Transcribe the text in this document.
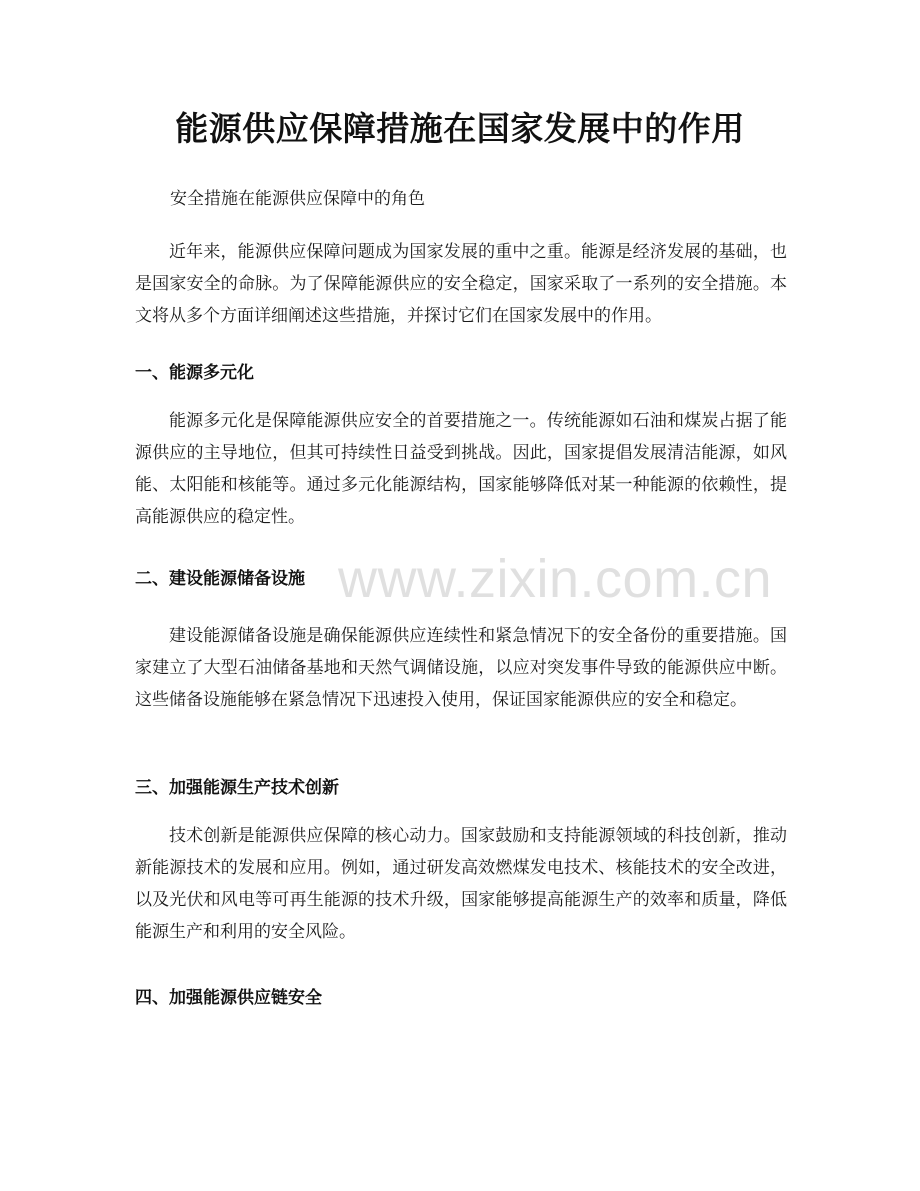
能源供应保障措施在国家发展中的作用
安全措施在能源供应保障中的角色

近年来，能源供应保障问题成为国家发展的重中之重。能源是经济发展的基础，也是国家安全的命脉。为了保障能源供应的安全稳定，国家采取了一系列的安全措施。本文将从多个方面详细阐述这些措施，并探讨它们在国家发展中的作用。

一、能源多元化

能源多元化是保障能源供应安全的首要措施之一。传统能源如石油和煤炭占据了能源供应的主导地位，但其可持续性日益受到挑战。因此，国家提倡发展清洁能源，如风能、太阳能和核能等。通过多元化能源结构，国家能够降低对某一种能源的依赖性，提高能源供应的稳定性。

二、建设能源储备设施

建设能源储备设施是确保能源供应连续性和紧急情况下的安全备份的重要措施。国家建立了大型石油储备基地和天然气调储设施，以应对突发事件导致的能源供应中断。这些储备设施能够在紧急情况下迅速投入使用，保证国家能源供应的安全和稳定。

三、加强能源生产技术创新

技术创新是能源供应保障的核心动力。国家鼓励和支持能源领域的科技创新，推动新能源技术的发展和应用。例如，通过研发高效燃煤发电技术、核能技术的安全改进，以及光伏和风电等可再生能源的技术升级，国家能够提高能源生产的效率和质量，降低能源生产和利用的安全风险。

四、加强能源供应链安全
www.zixin.com.cn
